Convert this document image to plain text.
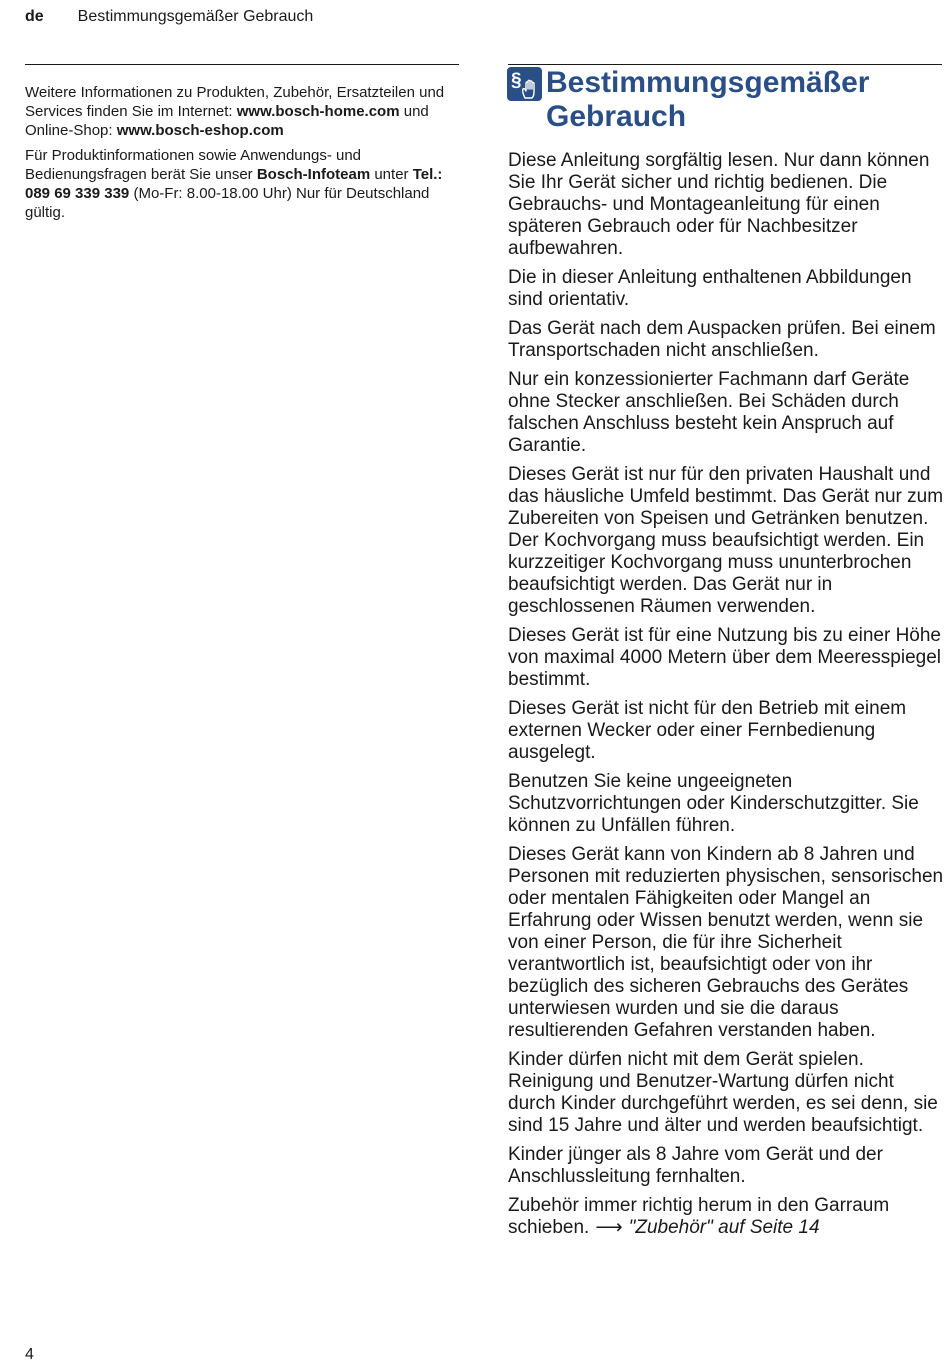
de Bestimmungsgemäßer Gebrauch

Weitere Informationen zu Produkten, Zubehör, Ersatzteilen und Services finden Sie im Internet: www.bosch-home.com und Online-Shop: www.bosch-eshop.com

Für Produktinformationen sowie Anwendungs- und Bedienungsfragen berät Sie unser Bosch-Infoteam unter Tel.: 089 69 339 339 (Mo-Fr: 8.00-18.00 Uhr) Nur für Deutschland gültig.

§ Bestimmungsgemäßer Gebrauch

Diese Anleitung sorgfältig lesen. Nur dann können Sie Ihr Gerät sicher und richtig bedienen. Die Gebrauchs- und Montageanleitung für einen späteren Gebrauch oder für Nachbesitzer aufbewahren.

Die in dieser Anleitung enthaltenen Abbildungen sind orientativ.

Das Gerät nach dem Auspacken prüfen. Bei einem Transportschaden nicht anschließen.

Nur ein konzessionierter Fachmann darf Geräte ohne Stecker anschließen. Bei Schäden durch falschen Anschluss besteht kein Anspruch auf Garantie.

Dieses Gerät ist nur für den privaten Haushalt und das häusliche Umfeld bestimmt. Das Gerät nur zum Zubereiten von Speisen und Getränken benutzen. Der Kochvorgang muss beaufsichtigt werden. Ein kurzzeitiger Kochvorgang muss ununterbrochen beaufsichtigt werden. Das Gerät nur in geschlossenen Räumen verwenden.

Dieses Gerät ist für eine Nutzung bis zu einer Höhe von maximal 4000 Metern über dem Meeresspiegel bestimmt.

Dieses Gerät ist nicht für den Betrieb mit einem externen Wecker oder einer Fernbedienung ausgelegt.

Benutzen Sie keine ungeeigneten Schutzvorrichtungen oder Kinderschutzgitter. Sie können zu Unfällen führen.

Dieses Gerät kann von Kindern ab 8 Jahren und Personen mit reduzierten physischen, sensorischen oder mentalen Fähigkeiten oder Mangel an Erfahrung oder Wissen benutzt werden, wenn sie von einer Person, die für ihre Sicherheit verantwortlich ist, beaufsichtigt oder von ihr bezüglich des sicheren Gebrauchs des Gerätes unterwiesen wurden und sie die daraus resultierenden Gefahren verstanden haben.

Kinder dürfen nicht mit dem Gerät spielen. Reinigung und Benutzer-Wartung dürfen nicht durch Kinder durchgeführt werden, es sei denn, sie sind 15 Jahre und älter und werden beaufsichtigt.

Kinder jünger als 8 Jahre vom Gerät und der Anschlussleitung fernhalten.

Zubehör immer richtig herum in den Garraum schieben. ⟶ "Zubehör" auf Seite 14

4
